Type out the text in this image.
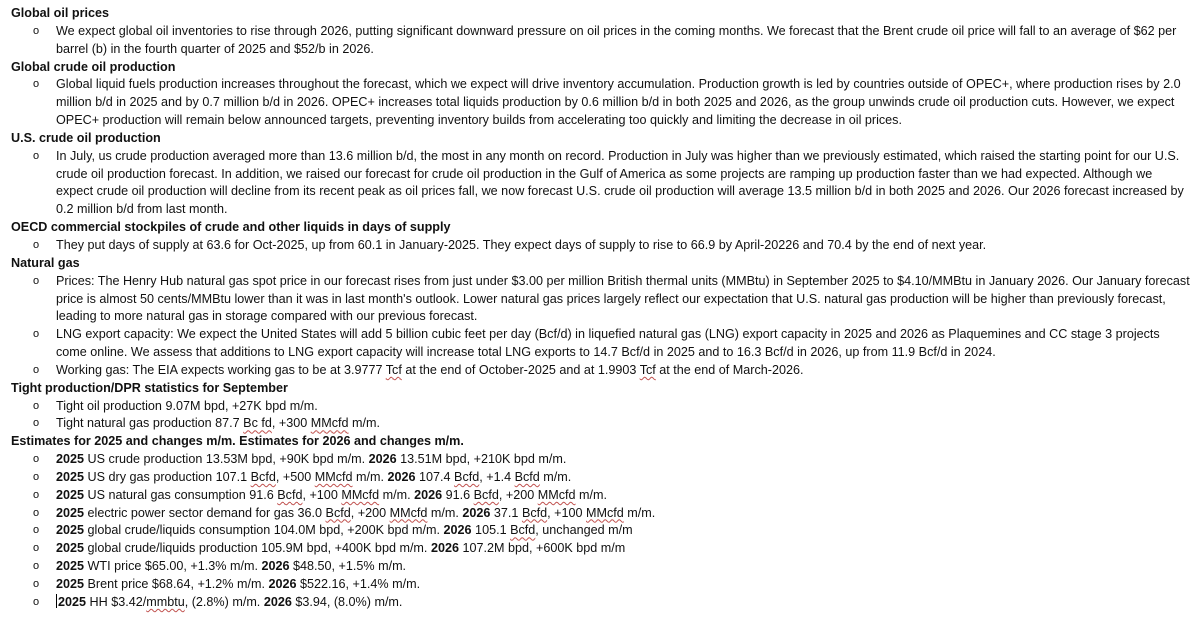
Global oil prices
o	We expect global oil inventories to rise through 2026, putting significant downward pressure on oil prices in the coming months. We forecast that the Brent crude oil price will fall to an average of $62 per barrel (b) in the fourth quarter of 2025 and $52/b in 2026.
Global crude oil production
o	Global liquid fuels production increases throughout the forecast, which we expect will drive inventory accumulation. Production growth is led by countries outside of OPEC+, where production rises by 2.0 million b/d in 2025 and by 0.7 million b/d in 2026. OPEC+ increases total liquids production by 0.6 million b/d in both 2025 and 2026, as the group unwinds crude oil production cuts. However, we expect OPEC+ production will remain below announced targets, preventing inventory builds from accelerating too quickly and limiting the decrease in oil prices.
U.S. crude oil production
o	In July, us crude production averaged more than 13.6 million b/d, the most in any month on record. Production in July was higher than we previously estimated, which raised the starting point for our U.S. crude oil production forecast. In addition, we raised our forecast for crude oil production in the Gulf of America as some projects are ramping up production faster than we had expected. Although we expect crude oil production will decline from its recent peak as oil prices fall, we now forecast U.S. crude oil production will average 13.5 million b/d in both 2025 and 2026. Our 2026 forecast increased by 0.2 million b/d from last month.
OECD commercial stockpiles of crude and other liquids in days of supply
o	They put days of supply at 63.6 for Oct-2025, up from 60.1 in January-2025. They expect days of supply to rise to 66.9 by April-20226 and 70.4 by the end of next year.
Natural gas
o	Prices: The Henry Hub natural gas spot price in our forecast rises from just under $3.00 per million British thermal units (MMBtu) in September 2025 to $4.10/MMBtu in January 2026. Our January forecast price is almost 50 cents/MMBtu lower than it was in last month's outlook. Lower natural gas prices largely reflect our expectation that U.S. natural gas production will be higher than previously forecast, leading to more natural gas in storage compared with our previous forecast.
o	LNG export capacity: We expect the United States will add 5 billion cubic feet per day (Bcf/d) in liquefied natural gas (LNG) export capacity in 2025 and 2026 as Plaquemines and CC stage 3 projects come online. We assess that additions to LNG export capacity will increase total LNG exports to 14.7 Bcf/d in 2025 and to 16.3 Bcf/d in 2026, up from 11.9 Bcf/d in 2024.
o	Working gas: The EIA expects working gas to be at 3.9777 Tcf at the end of October-2025 and at 1.9903 Tcf at the end of March-2026.
Tight production/DPR statistics for September
o	Tight oil production 9.07M bpd, +27K bpd m/m.
o	Tight natural gas production 87.7 Bc fd, +300 MMcfd m/m.
Estimates for 2025 and changes m/m. Estimates for 2026 and changes m/m.
o	2025 US crude production 13.53M bpd, +90K bpd m/m. 2026 13.51M bpd, +210K bpd m/m.
o	2025 US dry gas production 107.1 Bcfd, +500 MMcfd m/m. 2026 107.4 Bcfd, +1.4 Bcfd m/m.
o	2025 US natural gas consumption 91.6 Bcfd, +100 MMcfd m/m. 2026 91.6 Bcfd, +200 MMcfd m/m.
o	2025 electric power sector demand for gas 36.0 Bcfd, +200 MMcfd m/m. 2026 37.1 Bcfd, +100 MMcfd m/m.
o	2025 global crude/liquids consumption 104.0M bpd, +200K bpd m/m. 2026 105.1 Bcfd, unchanged m/m
o	2025 global crude/liquids production 105.9M bpd, +400K bpd m/m. 2026 107.2M bpd, +600K bpd m/m
o	2025 WTI price $65.00, +1.3% m/m. 2026 $48.50, +1.5% m/m.
o	2025 Brent price $68.64, +1.2% m/m. 2026 $522.16, +1.4% m/m.
o	2025 HH $3.42/mmbtu, (2.8%) m/m. 2026 $3.94, (8.0%) m/m.
